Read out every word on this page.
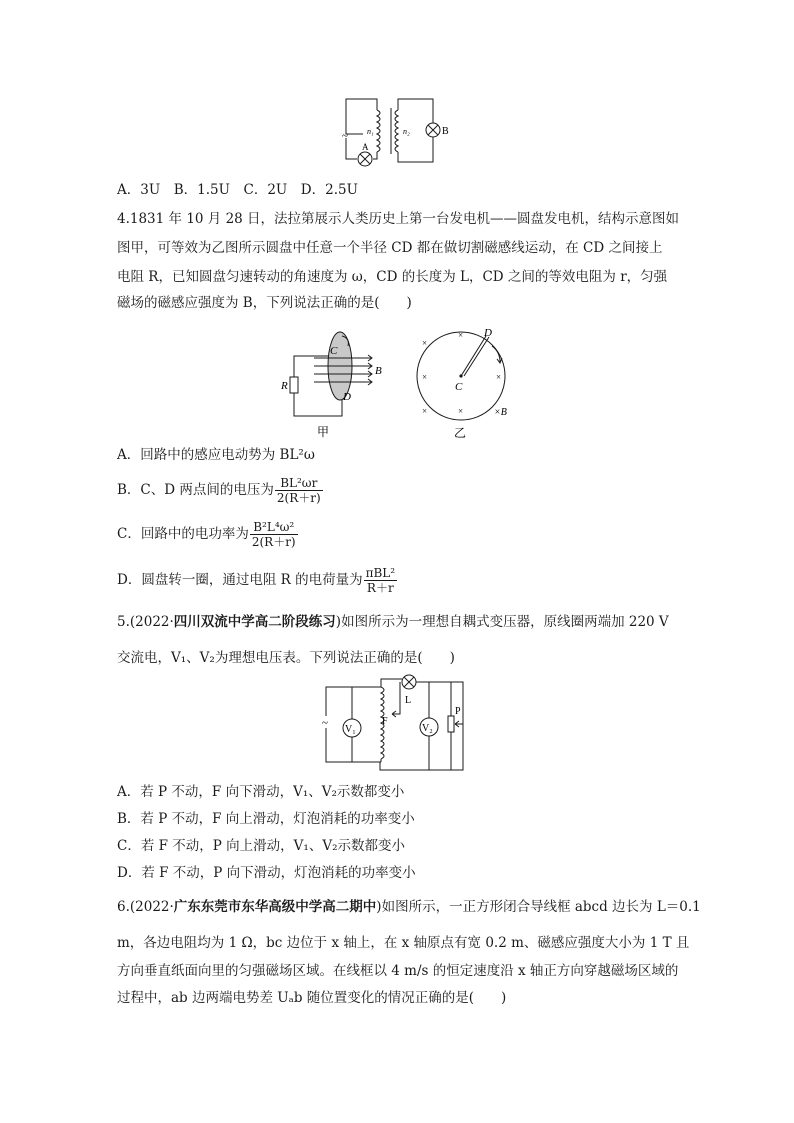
~ n₁	n₂
A
B
A．3U　B．1.5U　C．2U　D．2.5U
4.1831 年 10 月 28 日，法拉第展示人类历史上第一台发电机——圆盘发电机，结构示意图如
图甲，可等效为乙图所示圆盘中任意一个半径 CD 都在做切割磁感线运动，在 CD 之间接上
电阻 R，已知圆盘匀速转动的角速度为 ω，CD 的长度为 L，CD 之间的等效电阻为 r，匀强
磁场的磁感应强度为 B，下列说法正确的是(　　)
C
D
R
B
甲
×
×
×	×
×	×
C
D
×B
乙
A．回路中的感应电动势为 BL²ω
B．C、D 两点间的电压为 $\frac{\text{BL²ωr}}{2(R+r)}$
C．回路中的电功率为 $\frac{\text{B²L⁴ω²}}{2(R+r)}$
D．圆盘转一圈，通过电阻 R 的电荷量为 $\frac{\text{πBL²}}{R+r}$
5.(2022·四川双流中学高二阶段练习)如图所示为一理想自耦式变压器，原线圈两端加 220 V
交流电，V₁、V₂为理想电压表。下列说法正确的是(　　)
~
V₁	V₂
F
L
P
A．若 P 不动，F 向下滑动，V₁、V₂示数都变小
B．若 P 不动，F 向上滑动，灯泡消耗的功率变小
C．若 F 不动，P 向上滑动，V₁、V₂示数都变小
D．若 F 不动，P 向下滑动，灯泡消耗的功率变小
6.(2022·广东东莞市东华高级中学高二期中)如图所示，一正方形闭合导线框 abcd 边长为 L＝0.1
m，各边电阻均为 1 Ω，bc 边位于 x 轴上，在 x 轴原点有宽 0.2 m、磁感应强度大小为 1 T 且
方向垂直纸面向里的匀强磁场区域。在线框以 4 m/s 的恒定速度沿 x 轴正方向穿越磁场区域的
过程中，ab 边两端电势差 Uₐb 随位置变化的情况正确的是(　　)
